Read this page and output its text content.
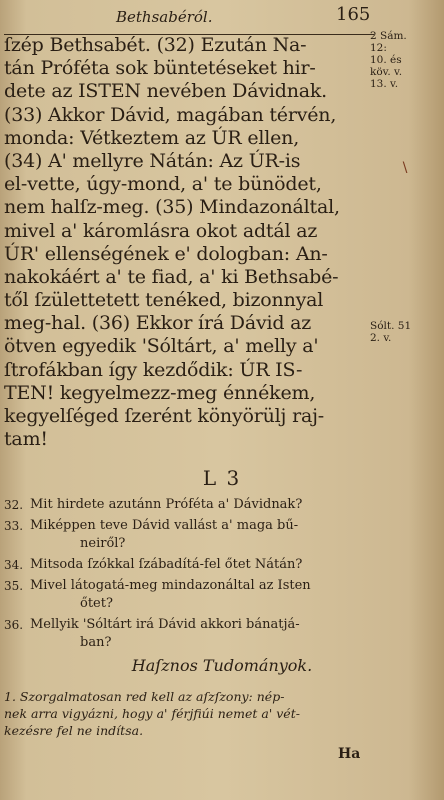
Bethsabéról.	165
2 Sám.
12:
10. és
köv. v.
13. v.
Sólt. 51
2. v.
ſzép Bethsabét. (32) Ezután Na-
tán Próféta sok büntetéseket hir-
dete az ISTEN nevében Dávidnak.
(33) Akkor Dávid, magában térvén,
monda: Vétkeztem az ÚR ellen,
(34) A' mellyre Nátán: Az ÚR-is
el-vette, úgy-mond, a' te bünödet,
nem halſz-meg. (35) Mindazonáltal,
mivel a' káromlásra okot adtál az
ÚR' ellenségének e' dologban: An-
nakokáért a' te fiad, a' ki Bethsabé-
től ſzülettetett tenéked, bizonnyal
meg-hal. (36) Ekkor írá Dávid az
ötven egyedik 'Sóltárt, a' melly a'
ſtrofákban így kezdődik: ÚR IS-
TEN! kegyelmezz-meg énnékem,
kegyelſéged ſzerént könyörülj raj-
tam!
L 3
32. Mit hirdete azutánn Próféta a' Dávidnak?
33. Miképpen teve Dávid vallást a' maga bű-
neiről?
34. Mitsoda ſzókkal ſzábadítá-fel őtet Nátán?
35. Mivel látogatá-meg mindazonáltal az Isten
őtet?
36. Mellyik 'Sóltárt irá Dávid akkori bánatjá-
ban?
Haſznos Tudományok.
1. Szorgalmatosan red kell az aſzſzony: nép-
nek arra vigyázni, hogy a' férjfiúi nemet a' vét-
kezésre fel ne indítsa.
Ha
∖
